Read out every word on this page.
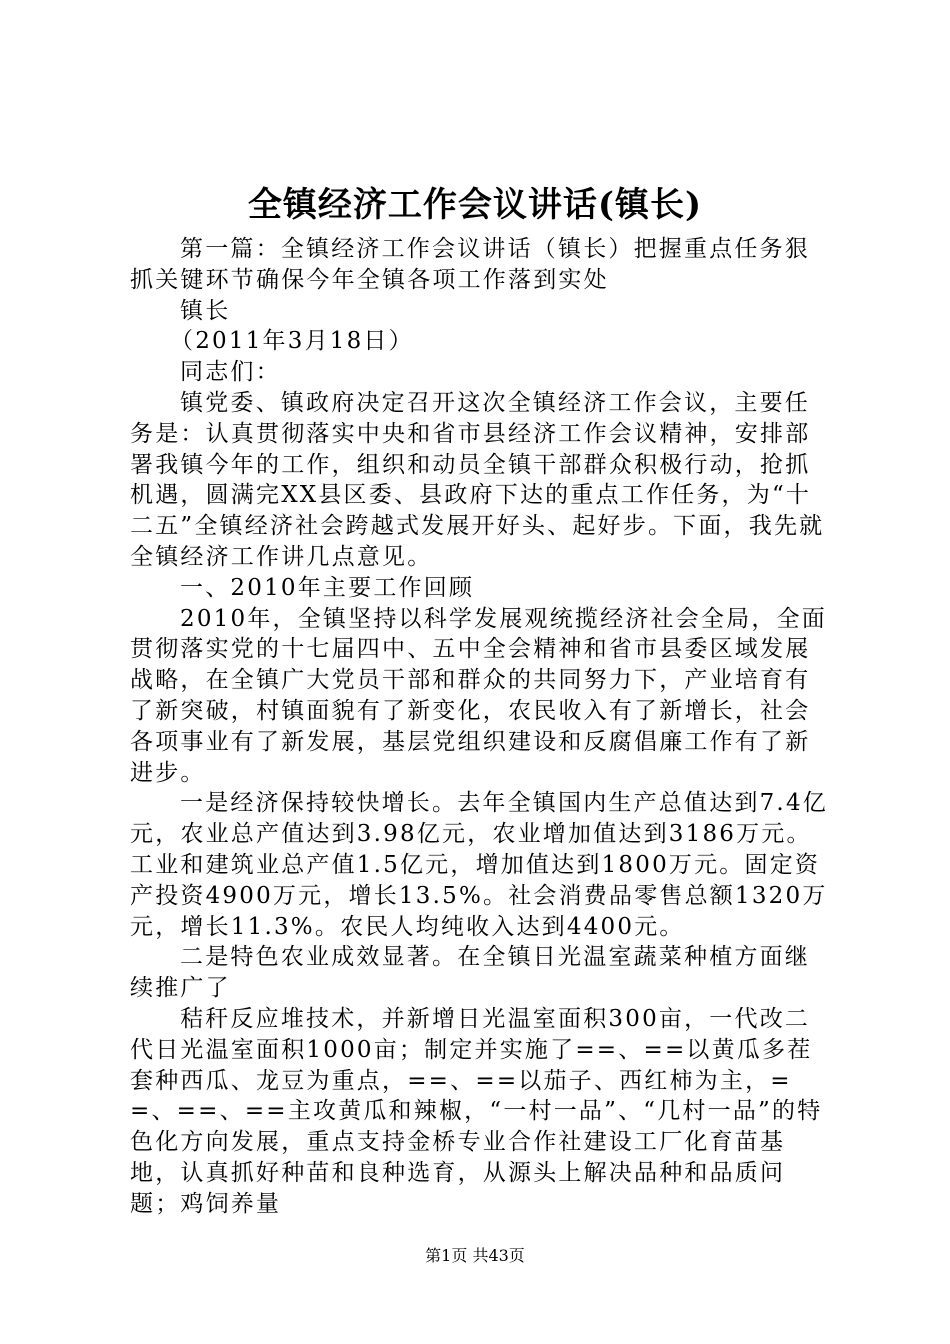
全镇经济工作会议讲话(镇长)

第一篇：全镇经济工作会议讲话（镇长）把握重点任务狠抓关键环节确保今年全镇各项工作落到实处

镇长

（2011年3月18日）

同志们：

镇党委、镇政府决定召开这次全镇经济工作会议，主要任务是：认真贯彻落实中央和省市县经济工作会议精神，安排部署我镇今年的工作，组织和动员全镇干部群众积极行动，抢抓机遇，圆满完XX县区委、县政府下达的重点工作任务，为“十二五”全镇经济社会跨越式发展开好头、起好步。下面，我先就全镇经济工作讲几点意见。

一、2010年主要工作回顾

2010年，全镇坚持以科学发展观统揽经济社会全局，全面贯彻落实党的十七届四中、五中全会精神和省市县委区域发展战略，在全镇广大党员干部和群众的共同努力下，产业培育有了新突破，村镇面貌有了新变化，农民收入有了新增长，社会各项事业有了新发展，基层党组织建设和反腐倡廉工作有了新进步。

一是经济保持较快增长。去年全镇国内生产总值达到7.4亿元，农业总产值达到3.98亿元，农业增加值达到3186万元。工业和建筑业总产值1.5亿元，增加值达到1800万元。固定资产投资4900万元，增长13.5%。社会消费品零售总额1320万元，增长11.3%。农民人均纯收入达到4400元。

二是特色农业成效显著。在全镇日光温室蔬菜种植方面继续推广了

秸秆反应堆技术，并新增日光温室面积300亩，一代改二代日光温室面积1000亩；制定并实施了==、==以黄瓜多茬套种西瓜、龙豆为重点，==、==以茄子、西红柿为主，==、==、==主攻黄瓜和辣椒，“一村一品”、“几村一品”的特色化方向发展，重点支持金桥专业合作社建设工厂化育苗基地，认真抓好种苗和良种选育，从源头上解决品种和品质问题；鸡饲养量

第1页 共43页
